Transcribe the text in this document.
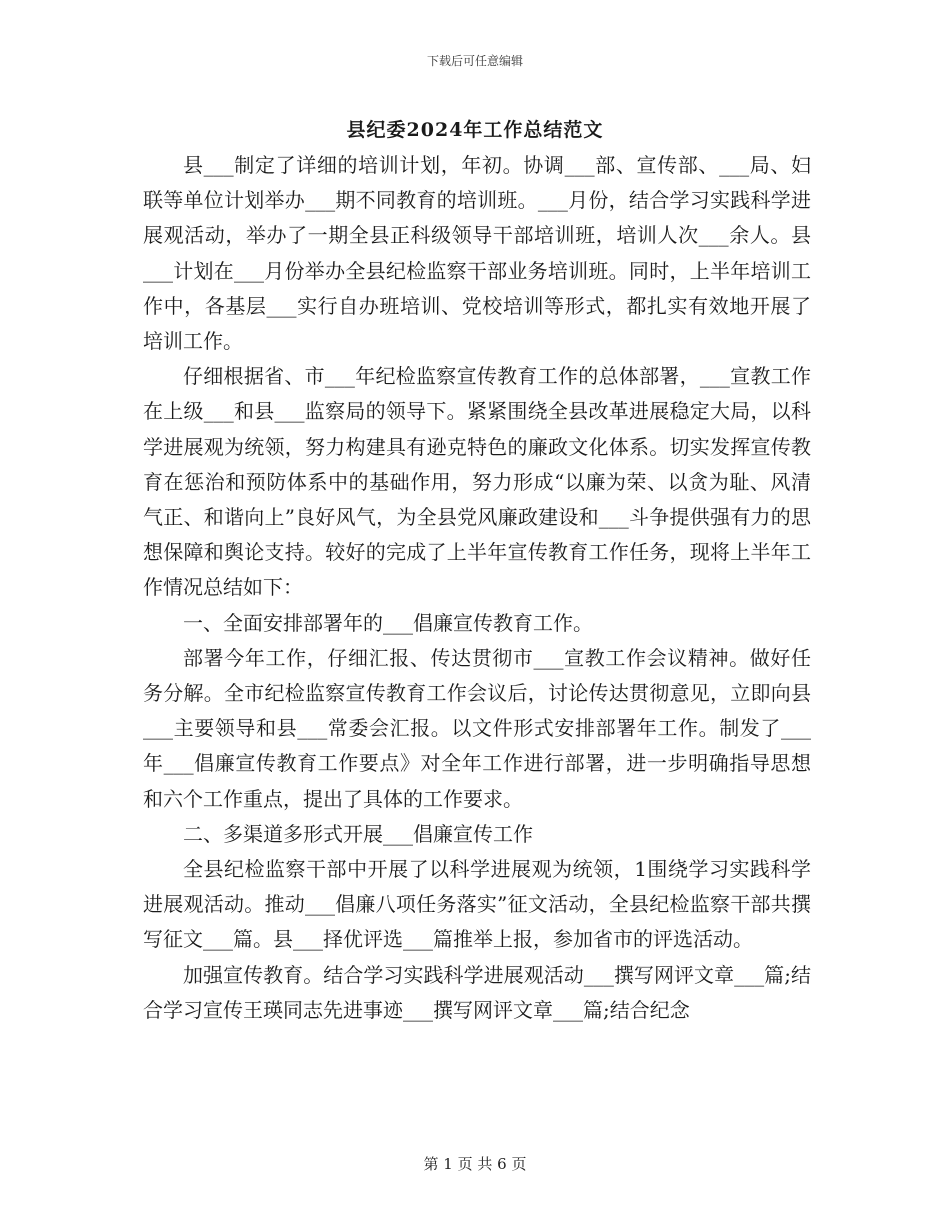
下载后可任意编辑
县纪委2024年工作总结范文

县___制定了详细的培训计划，年初。协调___部、宣传部、___局、妇联等单位计划举办___期不同教育的培训班。___月份，结合学习实践科学进展观活动，举办了一期全县正科级领导干部培训班，培训人次___余人。县___计划在___月份举办全县纪检监察干部业务培训班。同时，上半年培训工作中，各基层___实行自办班培训、党校培训等形式，都扎实有效地开展了培训工作。

仔细根据省、市___年纪检监察宣传教育工作的总体部署，___宣教工作在上级___和县___监察局的领导下。紧紧围绕全县改革进展稳定大局，以科学进展观为统领，努力构建具有逊克特色的廉政文化体系。切实发挥宣传教育在惩治和预防体系中的基础作用，努力形成“以廉为荣、以贪为耻、风清气正、和谐向上”良好风气，为全县党风廉政建设和___斗争提供强有力的思想保障和舆论支持。较好的完成了上半年宣传教育工作任务，现将上半年工作情况总结如下：

一、全面安排部署年的___倡廉宣传教育工作。

部署今年工作，仔细汇报、传达贯彻市___宣教工作会议精神。做好任务分解。全市纪检监察宣传教育工作会议后，讨论传达贯彻意见，立即向县___主要领导和县___常委会汇报。以文件形式安排部署年工作。制发了___年___倡廉宣传教育工作要点》对全年工作进行部署，进一步明确指导思想和六个工作重点，提出了具体的工作要求。

二、多渠道多形式开展___倡廉宣传工作

全县纪检监察干部中开展了以科学进展观为统领，1围绕学习实践科学进展观活动。推动___倡廉八项任务落实”征文活动，全县纪检监察干部共撰写征文___篇。县___择优评选___篇推举上报，参加省市的评选活动。

加强宣传教育。结合学习实践科学进展观活动___撰写网评文章___篇;结合学习宣传王瑛同志先进事迹___撰写网评文章___篇;结合纪念

第 1 页 共 6 页
